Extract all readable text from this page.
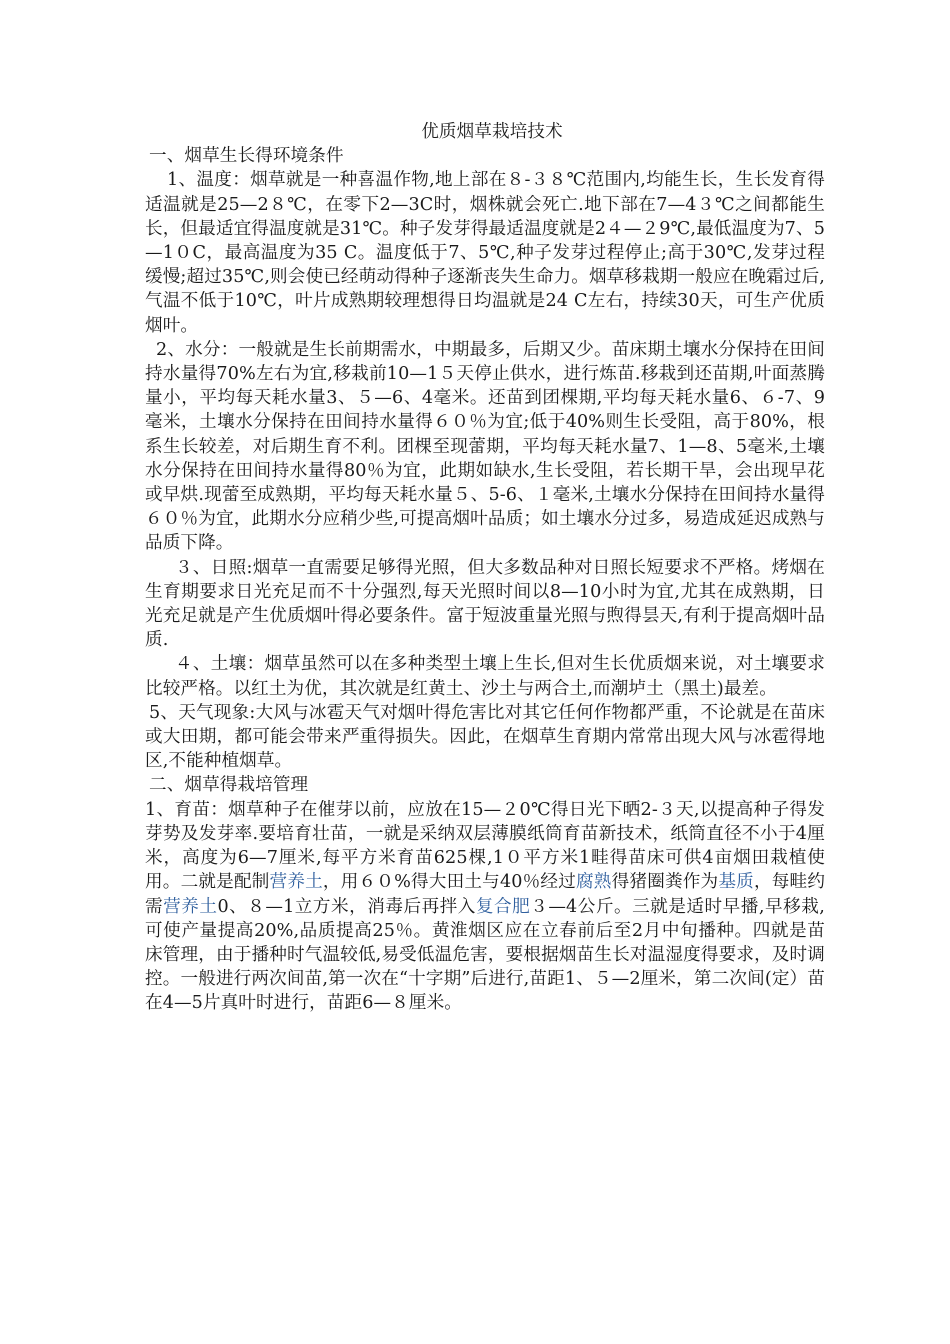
优质烟草栽培技术

一、烟草生长得环境条件

1、温度：烟草就是一种喜温作物,地上部在８-３８℃范围内,均能生长，生长发育得适温就是25—2８℃，在零下2—3C时，烟株就会死亡.地下部在7—4３℃之间都能生长，但最适宜得温度就是31℃。种子发芽得最适温度就是2４—２9℃,最低温度为7、5—1０C，最高温度为35 C。温度低于7、5℃,种子发芽过程停止;高于30℃,发芽过程缓慢;超过35℃,则会使已经萌动得种子逐渐丧失生命力。烟草移栽期一般应在晚霜过后,气温不低于10℃，叶片成熟期较理想得日均温就是24 C左右，持续30天，可生产优质烟叶。

2、水分：一般就是生长前期需水，中期最多，后期又少。苗床期土壤水分保持在田间持水量得70%左右为宜,移栽前10—1５天停止供水，进行炼苗.移栽到还苗期,叶面蒸腾量小，平均每天耗水量3、５—6、4毫米。还苗到团棵期,平均每天耗水量6、６-7、9毫米，土壤水分保持在田间持水量得６０％为宜;低于40%则生长受阻，高于80%，根系生长较差，对后期生育不利。团棵至现蕾期，平均每天耗水量7、1—8、5毫米,土壤水分保持在田间持水量得80％为宜，此期如缺水,生长受阻，若长期干旱，会出现早花或早烘.现蕾至成熟期，平均每天耗水量５、5-6、１毫米,土壤水分保持在田间持水量得６０％为宜，此期水分应稍少些,可提高烟叶品质；如土壤水分过多，易造成延迟成熟与品质下降。

３、日照:烟草一直需要足够得光照，但大多数品种对日照长短要求不严格。烤烟在生育期要求日光充足而不十分强烈,每天光照时间以8—10小时为宜,尤其在成熟期，日光充足就是产生优质烟叶得必要条件。富于短波重量光照与煦得昙天,有利于提高烟叶品质.

４、土壤：烟草虽然可以在多种类型土壤上生长,但对生长优质烟来说，对土壤要求比较严格。以红土为优，其次就是红黄土、沙土与两合土,而潮垆土（黑土)最差。

5、天气现象:大风与冰雹天气对烟叶得危害比对其它任何作物都严重，不论就是在苗床或大田期，都可能会带来严重得损失。因此，在烟草生育期内常常出现大风与冰雹得地区,不能种植烟草。

二、烟草得栽培管理

1、育苗：烟草种子在催芽以前，应放在15—２0℃得日光下晒2-３天,以提高种子得发芽势及发芽率.要培育壮苗，一就是采纳双层薄膜纸筒育苗新技术，纸筒直径不小于4厘米，高度为6—7厘米,每平方米育苗625棵,1０平方米1畦得苗床可供4亩烟田栽植使用。二就是配制营养土，用６０%得大田土与40％经过腐熟得猪圈粪作为基质，每畦约需营养土0、８—1立方米，消毒后再拌入复合肥３—4公斤。三就是适时早播,早移栽,可使产量提高20%,品质提高25％。黄淮烟区应在立春前后至2月中旬播种。四就是苗床管理，由于播种时气温较低,易受低温危害，要根据烟苗生长对温湿度得要求，及时调控。一般进行两次间苗,第一次在“十字期”后进行,苗距1、５—2厘米，第二次间(定）苗在4—5片真叶时进行，苗距6—８厘米。
